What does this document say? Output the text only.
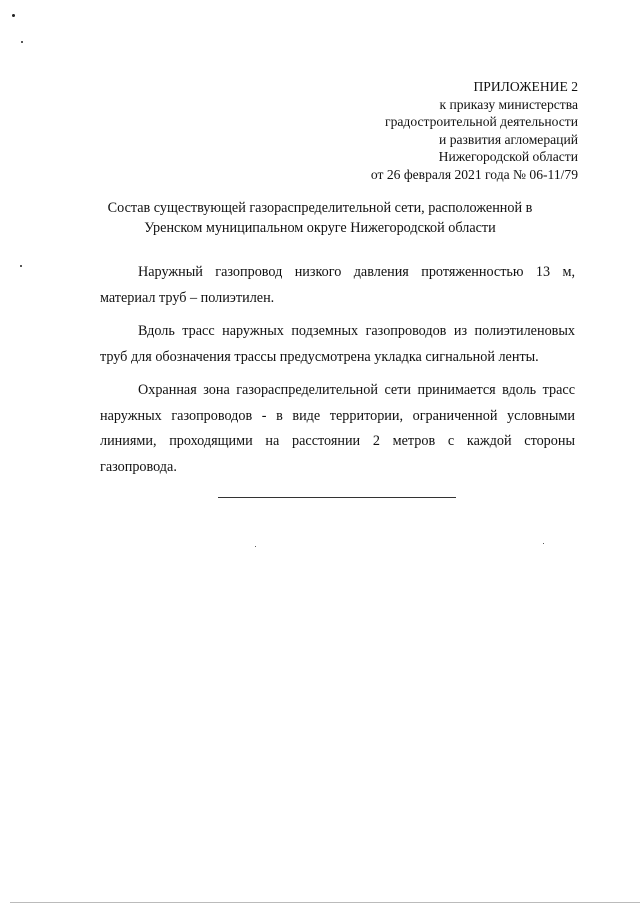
ПРИЛОЖЕНИЕ 2
к приказу министерства
градостроительной деятельности
и развития агломераций
Нижегородской области
от 26 февраля 2021 года № 06-11/79
Состав существующей газораспределительной сети, расположенной в
Уренском муниципальном округе Нижегородской области
Наружный газопровод низкого давления протяженностью 13 м,
материал труб – полиэтилен.
Вдоль трасс наружных подземных газопроводов из полиэтиленовых
труб для обозначения трассы предусмотрена укладка сигнальной ленты.
Охранная зона газораспределительной сети принимается вдоль трасс
наружных газопроводов - в виде территории, ограниченной условными
линиями, проходящими на расстоянии 2 метров с каждой стороны
газопровода.
